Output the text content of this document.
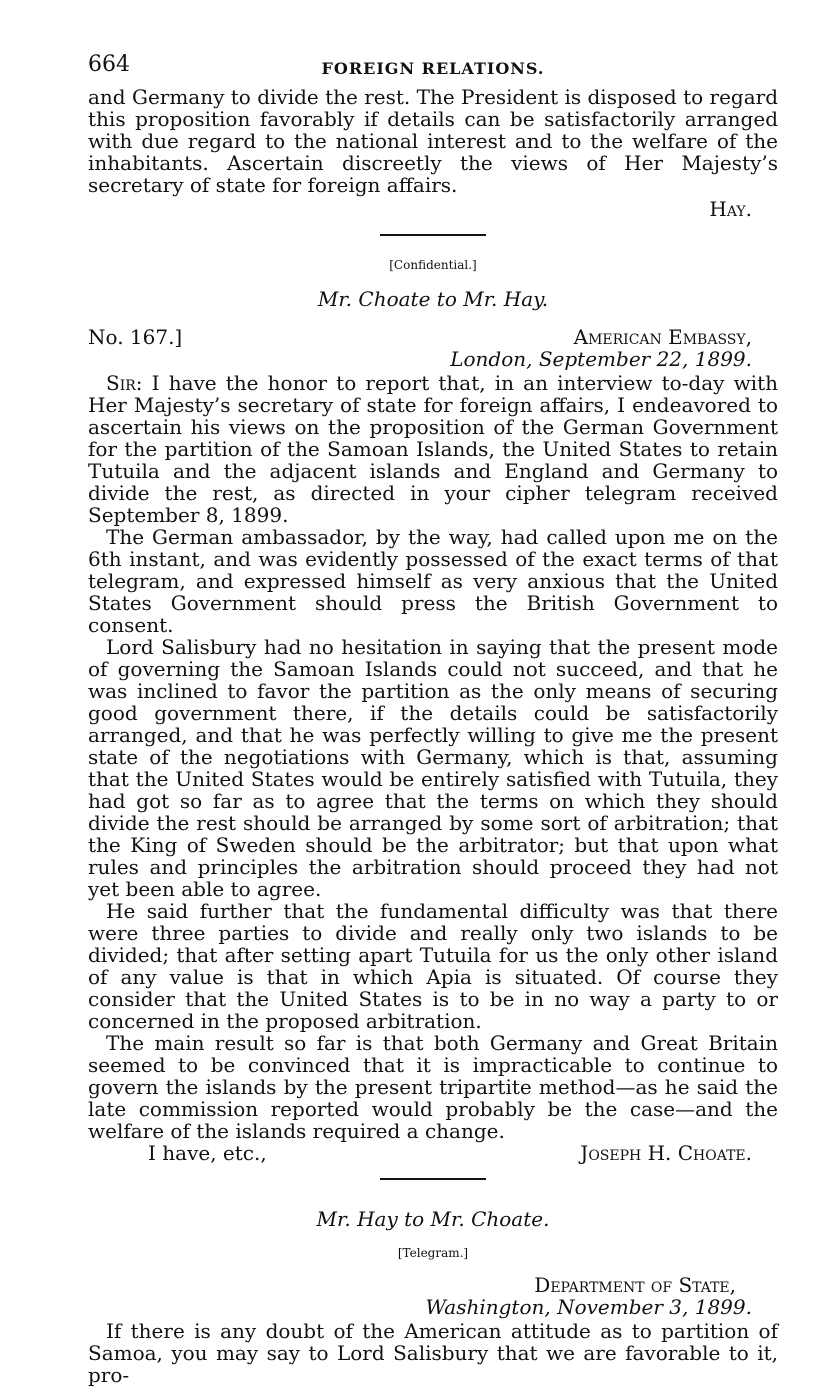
664	FOREIGN RELATIONS.

and Germany to divide the rest. The President is disposed to regard this proposition favorably if details can be satisfactorily arranged with due regard to the national interest and to the welfare of the inhabitants. Ascertain discreetly the views of Her Majesty’s secretary of state for foreign affairs.

Hay.
[Confidential.]
Mr. Choate to Mr. Hay.
No. 167.]	American Embassy,
London, September 22, 1899.

Sir: I have the honor to report that, in an interview to-day with Her Majesty’s secretary of state for foreign affairs, I endeavored to ascertain his views on the proposition of the German Government for the partition of the Samoan Islands, the United States to retain Tutuila and the adjacent islands and England and Germany to divide the rest, as directed in your cipher telegram received September 8, 1899.

The German ambassador, by the way, had called upon me on the 6th instant, and was evidently possessed of the exact terms of that telegram, and expressed himself as very anxious that the United States Government should press the British Government to consent.

Lord Salisbury had no hesitation in saying that the present mode of governing the Samoan Islands could not succeed, and that he was inclined to favor the partition as the only means of securing good government there, if the details could be satisfactorily arranged, and that he was perfectly willing to give me the present state of the negotiations with Germany, which is that, assuming that the United States would be entirely satisfied with Tutuila, they had got so far as to agree that the terms on which they should divide the rest should be arranged by some sort of arbitration; that the King of Sweden should be the arbitrator; but that upon what rules and principles the arbitration should proceed they had not yet been able to agree.

He said further that the fundamental difficulty was that there were three parties to divide and really only two islands to be divided; that after setting apart Tutuila for us the only other island of any value is that in which Apia is situated. Of course they consider that the United States is to be in no way a party to or concerned in the proposed arbitration.

The main result so far is that both Germany and Great Britain seemed to be convinced that it is impracticable to continue to govern the islands by the present tripartite method—as he said the late commission reported would probably be the case—and the welfare of the islands required a change.

I have, etc.,	Joseph H. Choate.
Mr. Hay to Mr. Choate.
[Telegram.]
Department of State,
Washington, November 3, 1899.

If there is any doubt of the American attitude as to partition of Samoa, you may say to Lord Salisbury that we are favorable to it, pro-
